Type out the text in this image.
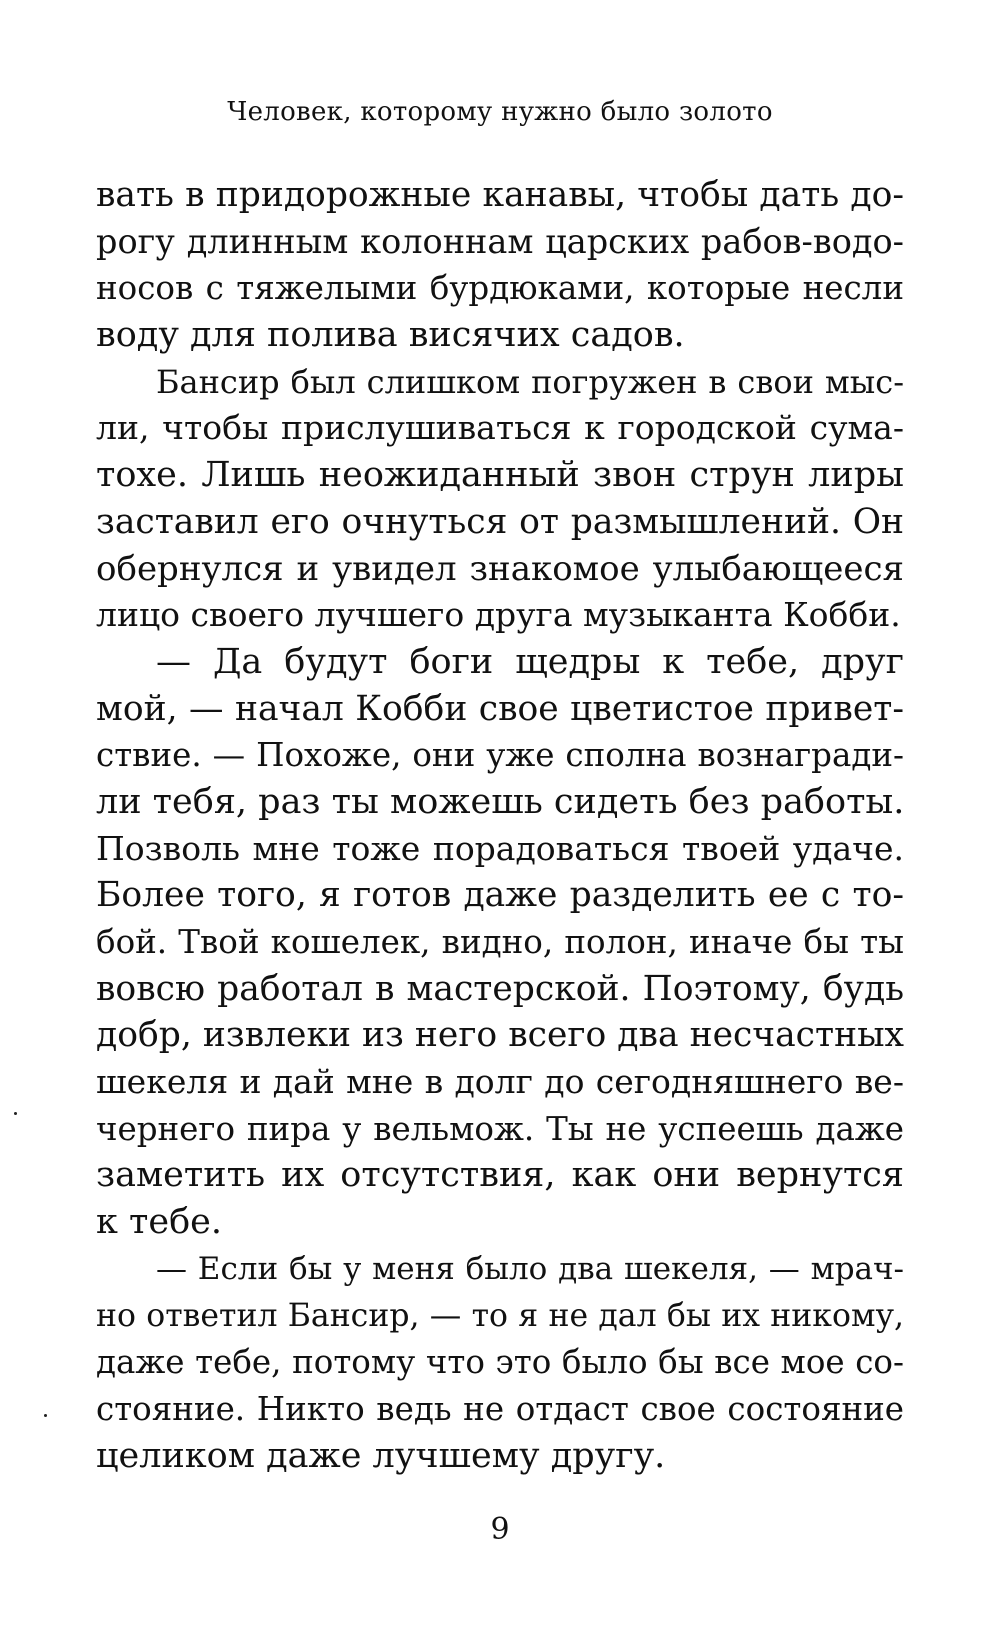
Человек, которому нужно было золото
вать в придорожные канавы, чтобы дать до-
рогу длинным колоннам царских рабов-водо-
носов с тяжелыми бурдюками, которые несли
воду для полива висячих садов.
Бансир был слишком погружен в свои мыс-
ли, чтобы прислушиваться к городской сума-
тохе. Лишь неожиданный звон струн лиры
заставил его очнуться от размышлений. Он
обернулся и увидел знакомое улыбающееся
лицо своего лучшего друга музыканта Кобби.
— Да будут боги щедры к тебе, друг
мой, — начал Кобби свое цветистое привет-
ствие. — Похоже, они уже сполна вознагради-
ли тебя, раз ты можешь сидеть без работы.
Позволь мне тоже порадоваться твоей удаче.
Более того, я готов даже разделить ее с то-
бой. Твой кошелек, видно, полон, иначе бы ты
вовсю работал в мастерской. Поэтому, будь
добр, извлеки из него всего два несчастных
шекеля и дай мне в долг до сегодняшнего ве-
чернего пира у вельмож. Ты не успеешь даже
заметить их отсутствия, как они вернутся
к тебе.
— Если бы у меня было два шекеля, — мрач-
но ответил Бансир, — то я не дал бы их никому,
даже тебе, потому что это было бы все мое со-
стояние. Никто ведь не отдаст свое состояние
целиком даже лучшему другу.
9
